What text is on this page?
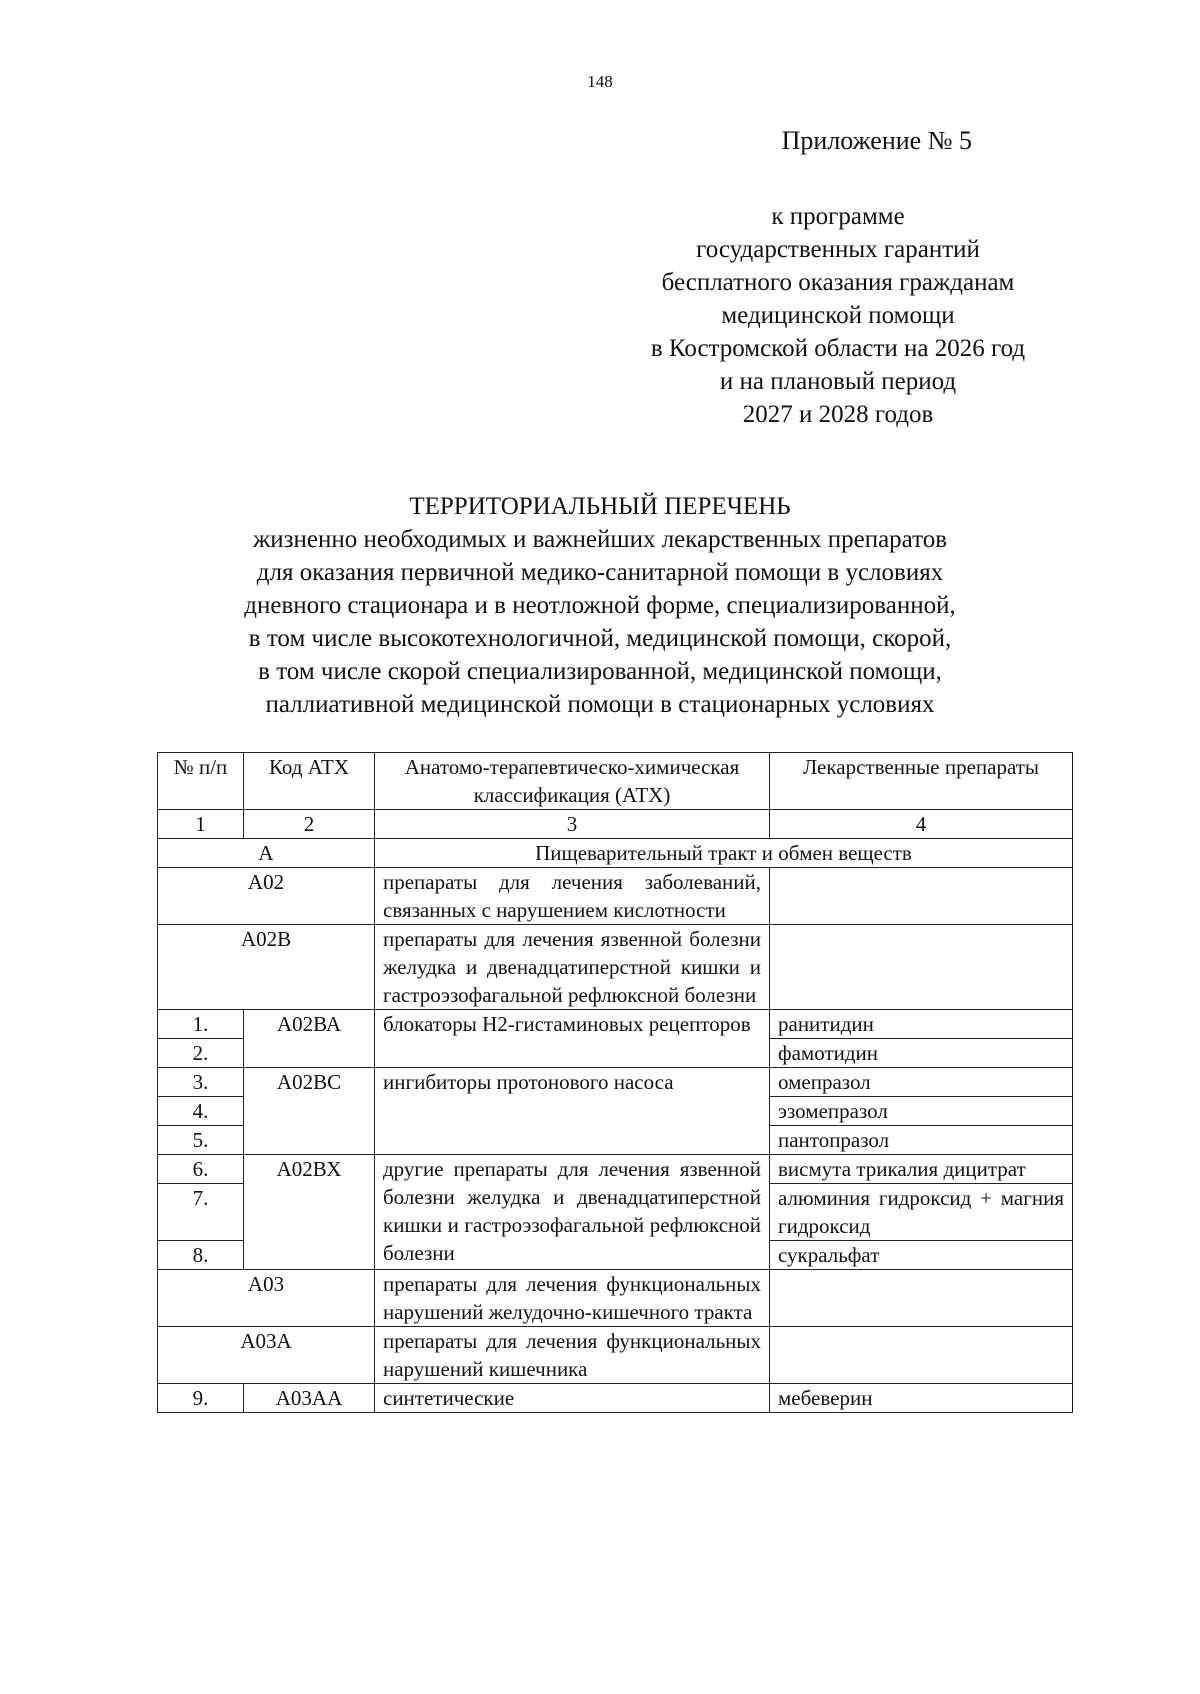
148
Приложение № 5
к программе
государственных гарантий
бесплатного оказания гражданам
медицинской помощи
в Костромской области на 2026 год
и на плановый период
2027 и 2028 годов
ТЕРРИТОРИАЛЬНЫЙ ПЕРЕЧЕНЬ
жизненно необходимых и важнейших лекарственных препаратов
для оказания первичной медико-санитарной помощи в условиях
дневного стационара и в неотложной форме, специализированной,
в том числе высокотехнологичной, медицинской помощи, скорой,
в том числе скорой специализированной, медицинской помощи,
паллиативной медицинской помощи в стационарных условиях
№ п/п	Код АТХ	Анатомо-терапевтическо-химическая классификация (АТХ)	Лекарственные препараты
1	2	3	4
А		Пищеварительный тракт и обмен веществ	
А02		препараты для лечения заболеваний, связанных с нарушением кислотности	
А02В		препараты для лечения язвенной болезни желудка и двенадцатиперстной кишки и гастроэзофагальной рефлюксной болезни	
1.	А02ВА	блокаторы Н2-гистаминовых рецепторов	ранитидин
2.			фамотидин
3.	А02ВС	ингибиторы протонового насоса	омепразол
4.			эзомепразол
5.			пантопразол
6.	А02ВХ	другие препараты для лечения язвенной болезни желудка и двенадцатиперстной кишки и гастроэзофагальной рефлюксной болезни	висмута трикалия дицитрат
7.			алюминия гидроксид + магния гидроксид
8.			сукральфат
А03		препараты для лечения функциональных нарушений желудочно-кишечного тракта	
А03А		препараты для лечения функциональных нарушений кишечника	
9.	А03АА	синтетические	мебеверин
